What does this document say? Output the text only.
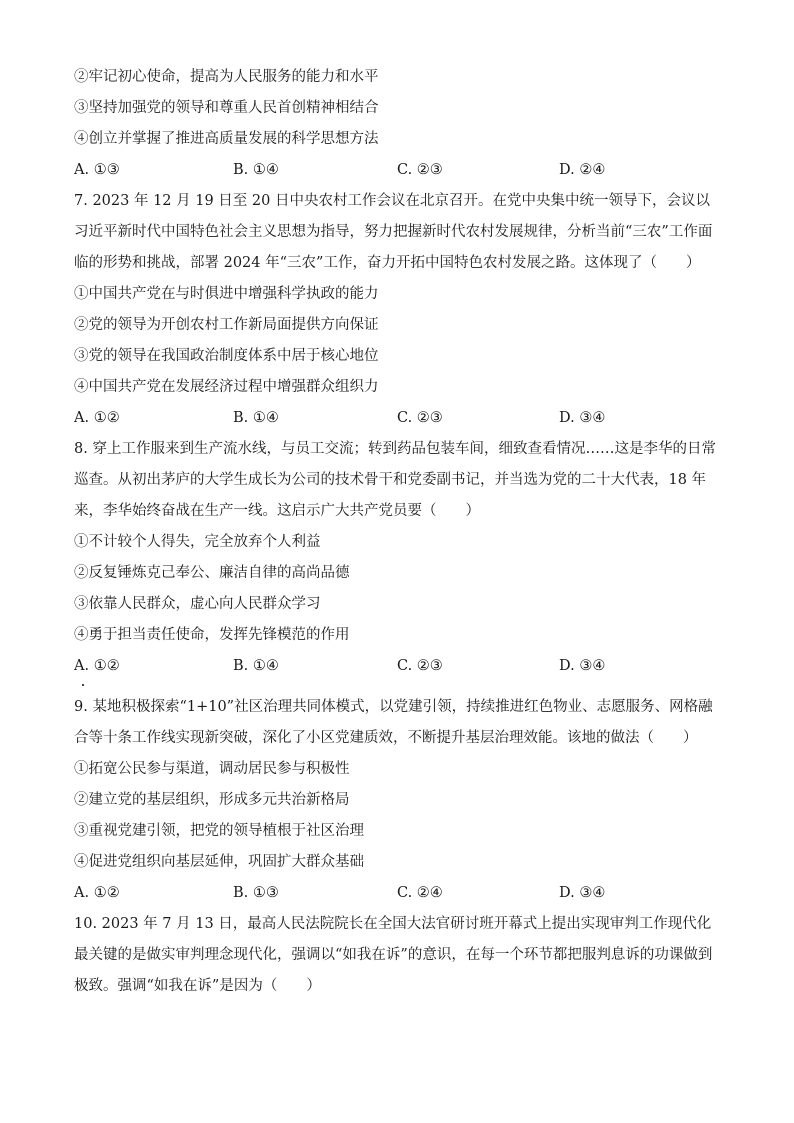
②牢记初心使命，提高为人民服务的能力和水平
③坚持加强党的领导和尊重人民首创精神相结合
④创立并掌握了推进高质量发展的科学思想方法
A. ①③	B. ①④	C. ②③	D. ②④
7. 2023 年 12 月 19 日至 20 日中央农村工作会议在北京召开。在党中央集中统一领导下，会议以习近平新时代中国特色社会主义思想为指导，努力把握新时代农村发展规律，分析当前“三农”工作面临的形势和挑战，部署 2024 年“三农”工作，奋力开拓中国特色农村发展之路。这体现了（　　）
①中国共产党在与时俱进中增强科学执政的能力
②党的领导为开创农村工作新局面提供方向保证
③党的领导在我国政治制度体系中居于核心地位
④中国共产党在发展经济过程中增强群众组织力
A. ①②	B. ①④	C. ②③	D. ③④
8. 穿上工作服来到生产流水线，与员工交流；转到药品包装车间，细致查看情况……这是李华的日常巡查。从初出茅庐的大学生成长为公司的技术骨干和党委副书记，并当选为党的二十大代表，18 年来，李华始终奋战在生产一线。这启示广大共产党员要（　　）
①不计较个人得失，完全放弃个人利益
②反复锤炼克己奉公、廉洁自律的高尚品德
③依靠人民群众，虚心向人民群众学习
④勇于担当责任使命，发挥先锋模范的作用
A. ①②	B. ①④	C. ②③	D. ③④
9. 某地积极探索“1+10”社区治理共同体模式，以党建引领，持续推进红色物业、志愿服务、网格融合等十条工作线实现新突破，深化了小区党建质效，不断提升基层治理效能。该地的做法（　　）
①拓宽公民参与渠道，调动居民参与积极性
②建立党的基层组织，形成多元共治新格局
③重视党建引领，把党的领导植根于社区治理
④促进党组织向基层延伸，巩固扩大群众基础
A. ①②	B. ①③	C. ②④	D. ③④
10. 2023 年 7 月 13 日，最高人民法院院长在全国大法官研讨班开幕式上提出实现审判工作现代化最关键的是做实审判理念现代化，强调以“如我在诉”的意识，在每一个环节都把服判息诉的功课做到极致。强调“如我在诉”是因为（　　）
